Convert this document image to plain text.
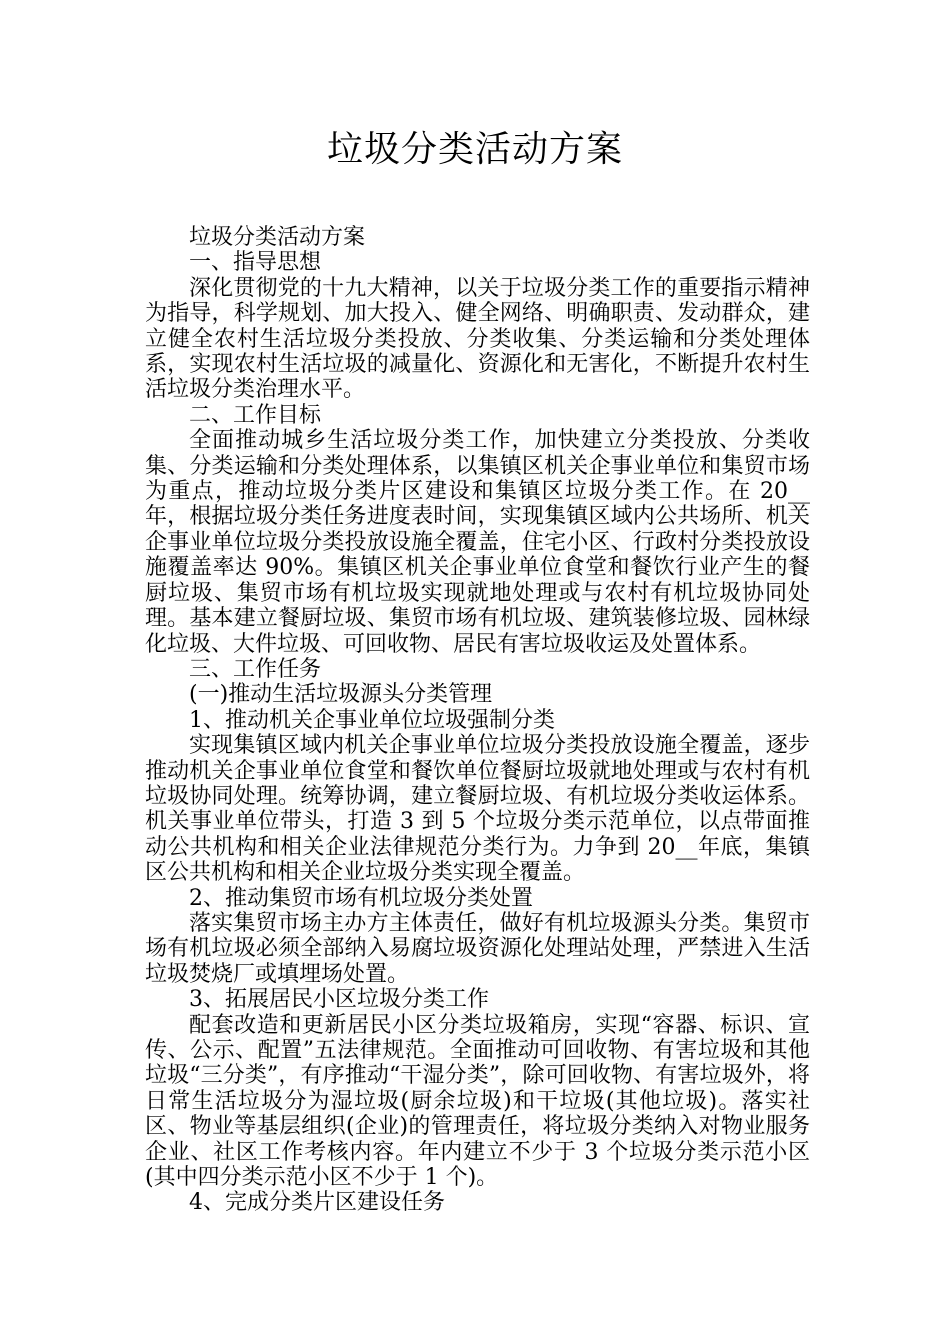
垃圾分类活动方案

垃圾分类活动方案

一、指导思想

深化贯彻党的十九大精神，以关于垃圾分类工作的重要指示精神为指导，科学规划、加大投入、健全网络、明确职责、发动群众，建立健全农村生活垃圾分类投放、分类收集、分类运输和分类处理体系，实现农村生活垃圾的减量化、资源化和无害化，不断提升农村生活垃圾分类治理水平。

二、工作目标

全面推动城乡生活垃圾分类工作，加快建立分类投放、分类收集、分类运输和分类处理体系，以集镇区机关企事业单位和集贸市场为重点，推动垃圾分类片区建设和集镇区垃圾分类工作。在 20__年，根据垃圾分类任务进度表时间，实现集镇区域内公共场所、机关企事业单位垃圾分类投放设施全覆盖，住宅小区、行政村分类投放设施覆盖率达 90%。集镇区机关企事业单位食堂和餐饮行业产生的餐厨垃圾、集贸市场有机垃圾实现就地处理或与农村有机垃圾协同处理。基本建立餐厨垃圾、集贸市场有机垃圾、建筑装修垃圾、园林绿化垃圾、大件垃圾、可回收物、居民有害垃圾收运及处置体系。

三、工作任务

(一)推动生活垃圾源头分类管理

1、推动机关企事业单位垃圾强制分类

实现集镇区域内机关企事业单位垃圾分类投放设施全覆盖，逐步推动机关企事业单位食堂和餐饮单位餐厨垃圾就地处理或与农村有机垃圾协同处理。统筹协调，建立餐厨垃圾、有机垃圾分类收运体系。机关事业单位带头，打造 3 到 5 个垃圾分类示范单位，以点带面推动公共机构和相关企业法律规范分类行为。力争到 20__年底，集镇区公共机构和相关企业垃圾分类实现全覆盖。

2、推动集贸市场有机垃圾分类处置

落实集贸市场主办方主体责任，做好有机垃圾源头分类。集贸市场有机垃圾必须全部纳入易腐垃圾资源化处理站处理，严禁进入生活垃圾焚烧厂或填埋场处置。

3、拓展居民小区垃圾分类工作

配套改造和更新居民小区分类垃圾箱房，实现“容器、标识、宣传、公示、配置”五法律规范。全面推动可回收物、有害垃圾和其他垃圾“三分类”，有序推动“干湿分类”，除可回收物、有害垃圾外，将日常生活垃圾分为湿垃圾(厨余垃圾)和干垃圾(其他垃圾)。落实社区、物业等基层组织(企业)的管理责任，将垃圾分类纳入对物业服务企业、社区工作考核内容。年内建立不少于 3 个垃圾分类示范小区(其中四分类示范小区不少于 1 个)。

4、完成分类片区建设任务
